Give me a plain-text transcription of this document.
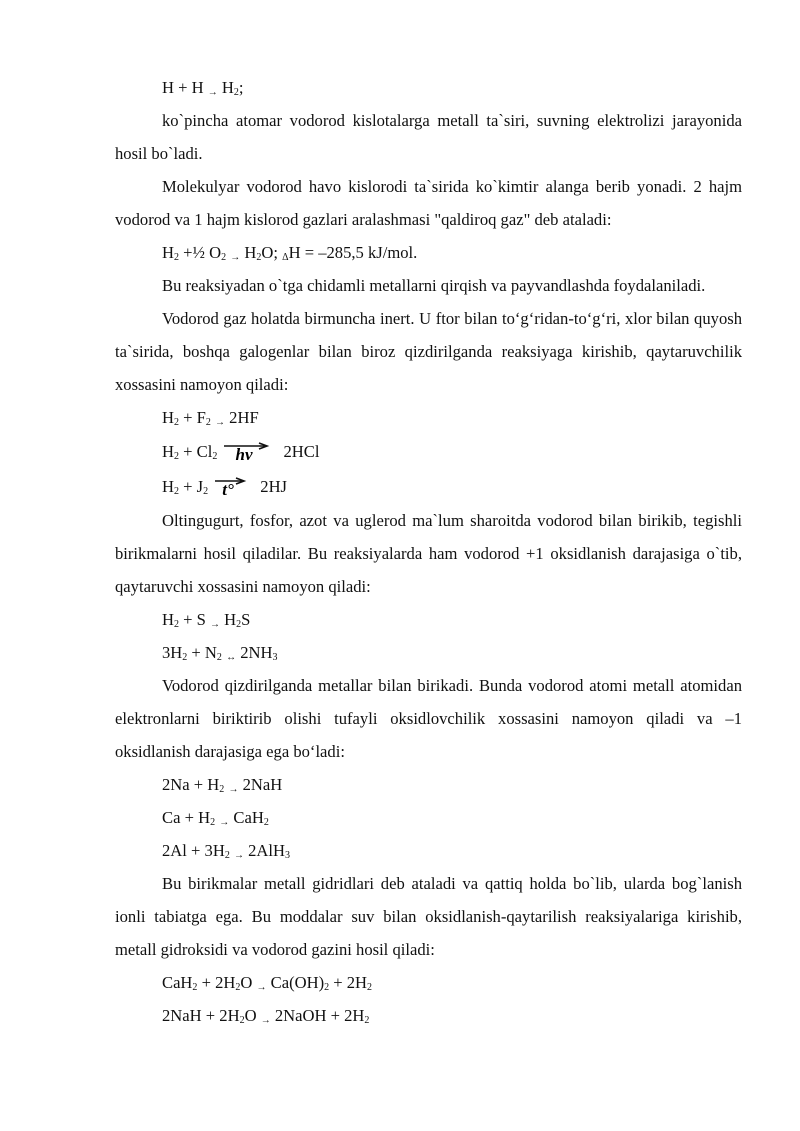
H + H $_\to$ $H_2$;

ko`pincha atomar vodorod kislotalarga metall ta`siri, suvning elektrolizi jarayonida hosil bo`ladi.

Molekulyar vodorod havo kislorodi ta`sirida ko`kimtir alanga berib yonadi. 2 hajm vodorod va 1 hajm kislorod gazlari aralashmasi "qaldiroq gaz" deb ataladi:

$H_2$ +½ $O_2$ $_\to$ $H_2O$; $_\Delta$H = –285,5 kJ/mol.

Bu reaksiyadan o`tga chidamli metallarni qirqish va payvandlashda foydalaniladi.

Vodorod gaz holatda birmuncha inert. U ftor bilan to‘g‘ridan-to‘g‘ri, xlor bilan quyosh ta`sirida, boshqa galogenlar bilan biroz qizdirilganda reaksiyaga kirishib, qaytaruvchilik xossasini namoyon qiladi:

$H_2 + F_2$ $_\to$ 2HF
$H_2 + Cl_2$ hν 2HCl
$H_2 + J_2$ t° 2HJ

Oltingugurt, fosfor, azot va uglerod ma`lum sharoitda vodorod bilan birikib, tegishli birikmalarni hosil qiladilar. Bu reaksiyalarda ham vodorod +1 oksidlanish darajasiga o`tib, qaytaruvchi xossasini namoyon qiladi:

$H_2 + S$ $_\to$ $H_2S$
$3H_2 + N_2$ $_\leftrightarrow$ $2NH_3$

Vodorod qizdirilganda metallar bilan birikadi. Bunda vodorod atomi metall atomidan elektronlarni biriktirib olishi tufayli oksidlovchilik xossasini namoyon qiladi va –1 oksidlanish darajasiga ega bo‘ladi:

$2Na + H_2$ $_\to$ 2NaH
$Ca + H_2$ $_\to$ CaH$_2$
$2Al + 3H_2$ $_\to$ 2AlH$_3$

Bu birikmalar metall gidridlari deb ataladi va qattiq holda bo`lib, ularda bog`lanish ionli tabiatga ega. Bu moddalar suv bilan oksidlanish-qaytarilish reaksiyalariga kirishib, metall gidroksidi va vodorod gazini hosil qiladi:

$CaH_2 + 2H_2O$ $_\to$ $Ca(OH)_2 + 2H_2$
$2NaH + 2H_2O$ $_\to$ 2NaOH + $2H_2$
